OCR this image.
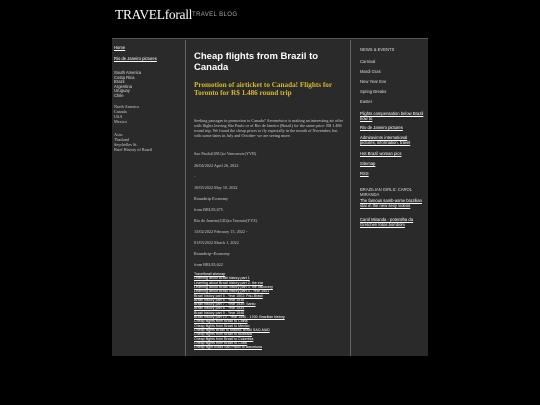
TRAVELforall TRAVEL BLOG
Home
Rio de Janeiro pictures
South America
Costa Rica
Brazil
Argentina
Uruguay
Chile
North America
Canada
USA
Mexico
Asia:
Thailand
Seychelles St.
Brief History of Brazil
Cheap flights from Brazil to Canada
Promotion of airticket to Canada! Flights for Toronto for R$ 1.486 round trip
Seeking passages in promotion to Canada? Aeroméxico is making an interesting air offer with flights leaving São Paulo or of Rio de Janeiro (Brazil) for the same price: R$ 1.486 round trip. We found the cheap prices to fly especially in the month of November, but with some dates in July and October- we are seeing more.
Sao Paulo(GRU)to Vancouver(YVR)
26/04/2022 April 26, 2022
-
10/05/2022 May 10, 2022
Roundtrip Economy
from BRL83,675
Rio de Janeiro(GIG)to Toronto(YYZ)
15/02/2022 February 15, 2022 -
01/03/2022 March 1, 2022
Roundtrip--Economy
from BRL83,622
Travelforall sitemap
Learning about Brazil history part 1
Learning about Brazil history part 2: the era
Learning about Brazil history part 3: the discovery
Learning about Brazil history part 4 - Year 1501
Brazil history part 5 - Year 1503: Pau-Brasil
Brazil history part 6 - Year 1516
Brazil history part 7 - Year 1530: Santo
Brazil history part 8 - Year 1534
Brazil history part 9 - Year 1548
Brazil history part 10 - Year 1590 - 1700: Brazilian history
Cheap flights from Brazil to China
Cheap flights from Brazil to Mexico
Cheap flights Brazil to Madrid: Brazil SAO-MAD
Cheap flights from Brazil to Australia
Cheap flights from Brazil to Colombia
Cheap flights from Brazil to Cuba
Cheap flight Brazil Sao Paulo to Barcelona
NEWS & EVENTS
Carnival
Mardi Gras
New Year Eve
Spring Breaks
Easter
Flights compensation below Brazil how to
Rio de Janeiro pictures
Admiravimm international pictures, information, travel
Hot Brazil woman pics
Sitemap
RSS
BRAZILIAN GIRLS: CAROL MIRANDA
The famous samb-asme brazilian star in the new sexy videos
Carol Miranda - potentiha da Gretchen fotos bombom
